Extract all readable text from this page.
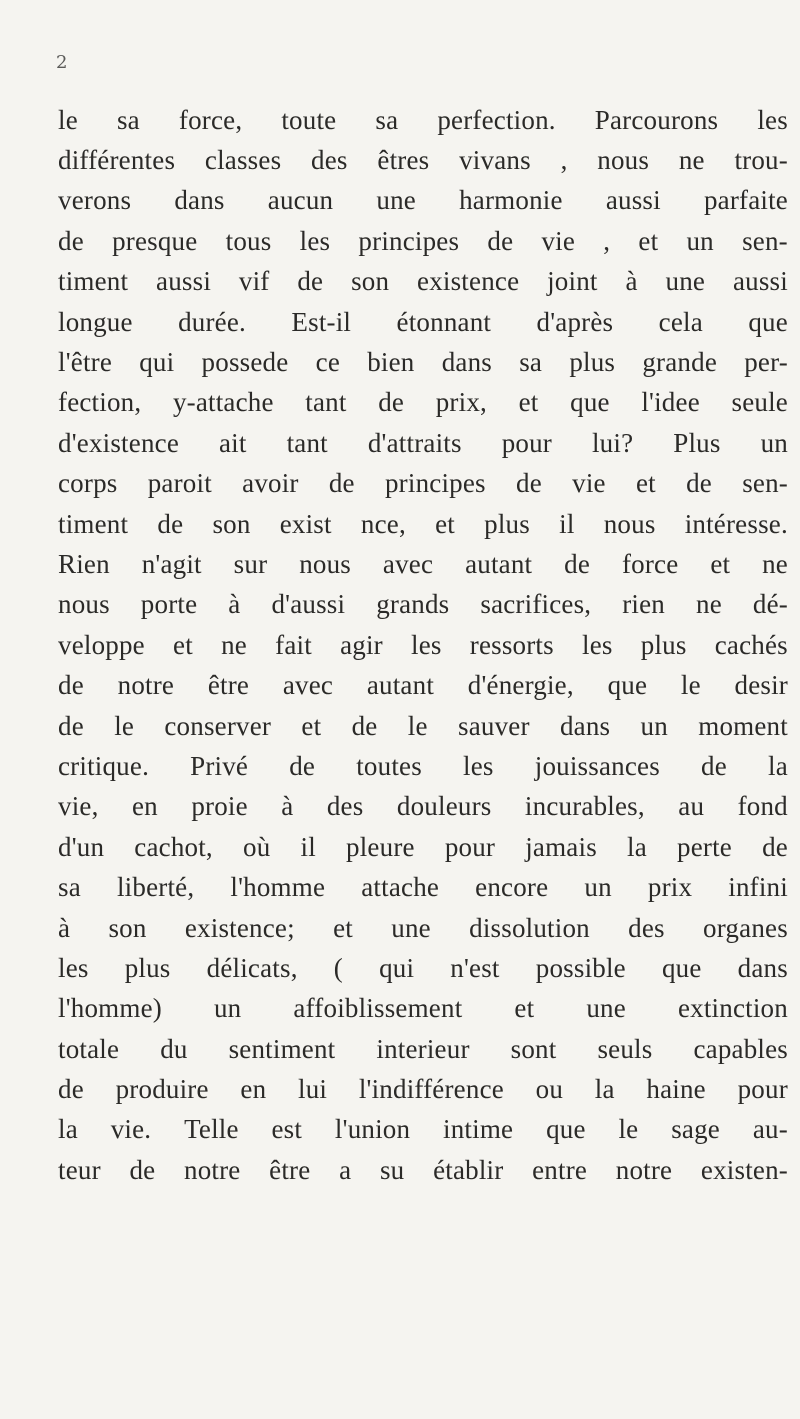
2
le sa force, toute sa perfection. Parcourons les
différentes classes des êtres vivans , nous ne trou-
verons dans aucun une harmonie aussi parfaite
de presque tous les principes de vie , et un sen-
timent aussi vif de son existence joint à une aussi
longue durée. Est-il étonnant d'après cela que
l'être qui possede ce bien dans sa plus grande per-
fection, y-attache tant de prix, et que l'idee seule
d'existence ait tant d'attraits pour lui? Plus un
corps paroit avoir de principes de vie et de sen-
timent de son exist nce, et plus il nous intéresse.
Rien n'agit sur nous avec autant de force et ne
nous porte à d'aussi grands sacrifices, rien ne dé-
veloppe et ne fait agir les ressorts les plus cachés
de notre être avec autant d'énergie, que le desir
de le conserver et de le sauver dans un moment
critique. Privé de toutes les jouissances de la
vie, en proie à des douleurs incurables, au fond
d'un cachot, où il pleure pour jamais la perte de
sa liberté, l'homme attache encore un prix infini
à son existence; et une dissolution des organes
les plus délicats, ( qui n'est possible que dans
l'homme) un affoiblissement et une extinction
totale du sentiment interieur sont seuls capables
de produire en lui l'indifférence ou la haine pour
la vie. Telle est l'union intime que le sage au-
teur de notre être a su établir entre notre existen-
